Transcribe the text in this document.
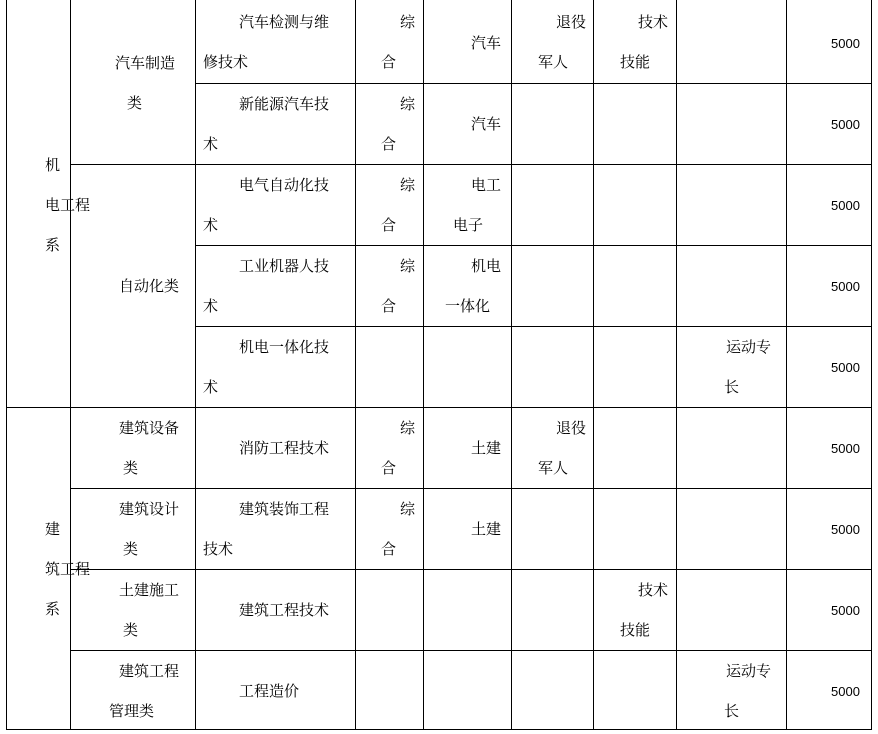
机
电工程
系
建
筑工程
系
汽车制造
类
自动化类
建筑设备
类
建筑设计
类
土建施工
类
建筑工程
管理类
汽车检测与维
修技术
新能源汽车技
术
电气自动化技
术
工业机器人技
术
机电一体化技
术
消防工程技术
建筑装饰工程
技术
建筑工程技术
工程造价
综
合
综
合
综
合
综
合
综
合
综
合
汽车
汽车
电工
电子
机电
一体化
土建
土建
退役
军人
退役
军人
技术
技能
技术
技能
运动专
长
运动专
长
5000
5000
5000
5000
5000
5000
5000
5000
5000
